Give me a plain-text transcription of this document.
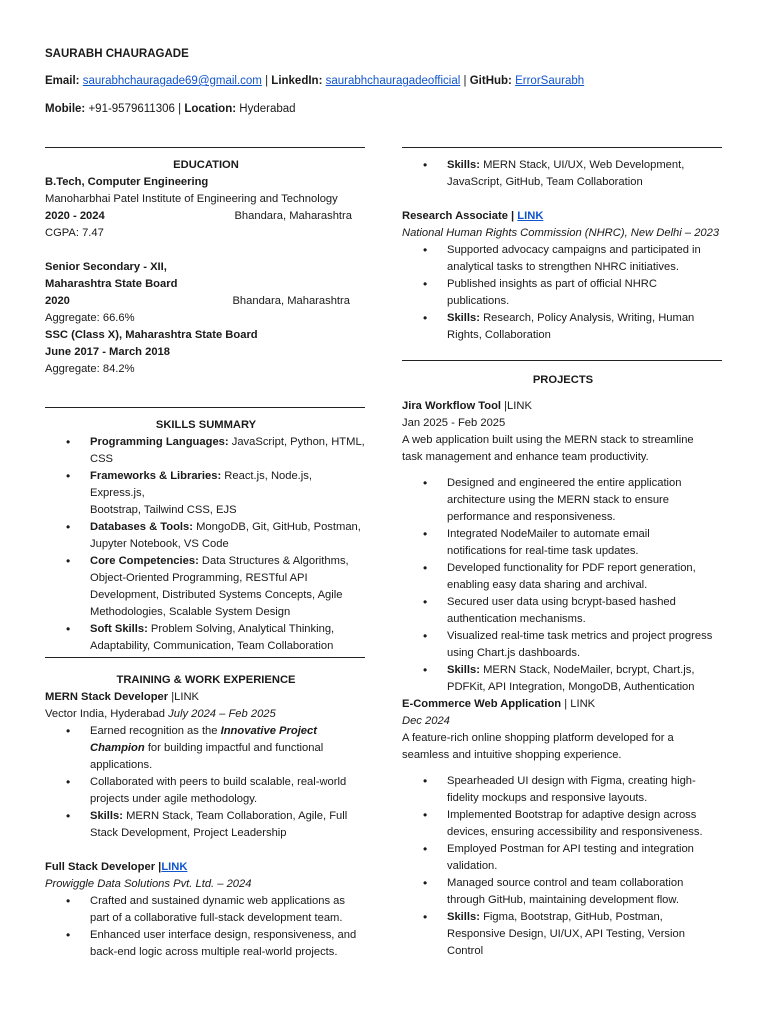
SAURABH CHAURAGADE
Email: saurabhchauragade69@gmail.com | LinkedIn: saurabhchauragadeofficial | GitHub: ErrorSaurabh
Mobile: +91-9579611306 | Location: Hyderabad
EDUCATION
B.Tech, Computer Engineering
Manoharbhai Patel Institute of Engineering and Technology
2020 - 2024	Bhandara, Maharashtra
CGPA: 7.47
Senior Secondary - XII,
Maharashtra State Board
2020	Bhandara, Maharashtra
Aggregate: 66.6%
SSC (Class X), Maharashtra State Board
June 2017 - March 2018
Aggregate: 84.2%
SKILLS SUMMARY
• Programming Languages: JavaScript, Python, HTML,
CSS
• Frameworks & Libraries: React.js, Node.js, Express.js,
Bootstrap, Tailwind CSS, EJS
• Databases & Tools: MongoDB, Git, GitHub, Postman,
Jupyter Notebook, VS Code
• Core Competencies: Data Structures & Algorithms,
Object-Oriented Programming, RESTful API
Development, Distributed Systems Concepts, Agile
Methodologies, Scalable System Design
• Soft Skills: Problem Solving, Analytical Thinking,
Adaptability, Communication, Team Collaboration
TRAINING & WORK EXPERIENCE
MERN Stack Developer |LINK
Vector India, Hyderabad July 2024 – Feb 2025
• Earned recognition as the Innovative Project
Champion for building impactful and functional
applications.
• Collaborated with peers to build scalable, real-world
projects under agile methodology.
• Skills: MERN Stack, Team Collaboration, Agile, Full
Stack Development, Project Leadership
Full Stack Developer |LINK
Prowiggle Data Solutions Pvt. Ltd. – 2024
• Crafted and sustained dynamic web applications as
part of a collaborative full-stack development team.
• Enhanced user interface design, responsiveness, and
back-end logic across multiple real-world projects.
• Skills: MERN Stack, UI/UX, Web Development,
JavaScript, GitHub, Team Collaboration
Research Associate | LINK
National Human Rights Commission (NHRC), New Delhi – 2023
• Supported advocacy campaigns and participated in
analytical tasks to strengthen NHRC initiatives.
• Published insights as part of official NHRC
publications.
• Skills: Research, Policy Analysis, Writing, Human
Rights, Collaboration
PROJECTS
Jira Workflow Tool |LINK
Jan 2025 - Feb 2025
A web application built using the MERN stack to streamline
task management and enhance team productivity.
• Designed and engineered the entire application
architecture using the MERN stack to ensure
performance and responsiveness.
• Integrated NodeMailer to automate email
notifications for real-time task updates.
• Developed functionality for PDF report generation,
enabling easy data sharing and archival.
• Secured user data using bcrypt-based hashed
authentication mechanisms.
• Visualized real-time task metrics and project progress
using Chart.js dashboards.
• Skills: MERN Stack, NodeMailer, bcrypt, Chart.js,
PDFKit, API Integration, MongoDB, Authentication
E-Commerce Web Application | LINK
Dec 2024
A feature-rich online shopping platform developed for a
seamless and intuitive shopping experience.
• Spearheaded UI design with Figma, creating high-
fidelity mockups and responsive layouts.
• Implemented Bootstrap for adaptive design across
devices, ensuring accessibility and responsiveness.
• Employed Postman for API testing and integration
validation.
• Managed source control and team collaboration
through GitHub, maintaining development flow.
• Skills: Figma, Bootstrap, GitHub, Postman,
Responsive Design, UI/UX, API Testing, Version
Control
